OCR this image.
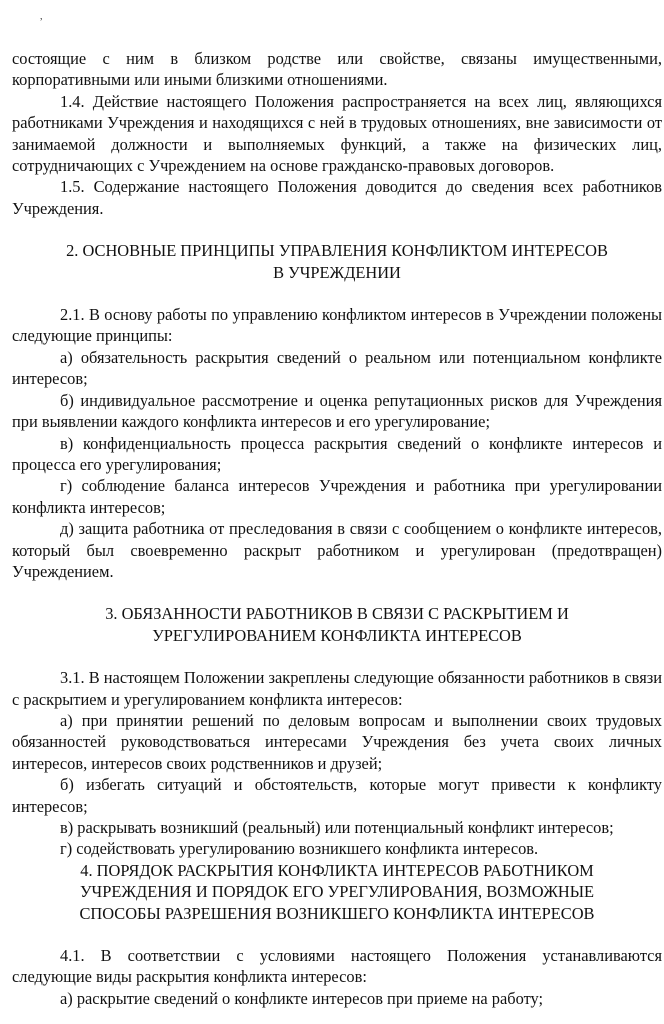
,

состоящие с ним в близком родстве или свойстве, связаны имущественными, корпоративными или иными близкими отношениями.

1.4. Действие настоящего Положения распространяется на всех лиц, являющихся работниками Учреждения и находящихся с ней в трудовых отношениях, вне зависимости от занимаемой должности и выполняемых функций, а также на физических лиц, сотрудничающих с Учреждением на основе гражданско-правовых договоров.

1.5. Содержание настоящего Положения доводится до сведения всех работников Учреждения.

2. ОСНОВНЫЕ ПРИНЦИПЫ УПРАВЛЕНИЯ КОНФЛИКТОМ ИНТЕРЕСОВ
В УЧРЕЖДЕНИИ

2.1. В основу работы по управлению конфликтом интересов в Учреждении положены следующие принципы:

а) обязательность раскрытия сведений о реальном или потенциальном конфликте интересов;

б) индивидуальное рассмотрение и оценка репутационных рисков для Учреждения при выявлении каждого конфликта интересов и его урегулирование;

в) конфиденциальность процесса раскрытия сведений о конфликте интересов и процесса его урегулирования;

г) соблюдение баланса интересов Учреждения и работника при урегулировании конфликта интересов;

д) защита работника от преследования в связи с сообщением о конфликте интересов, который был своевременно раскрыт работником и урегулирован (предотвращен) Учреждением.

3. ОБЯЗАННОСТИ РАБОТНИКОВ В СВЯЗИ С РАСКРЫТИЕМ И
УРЕГУЛИРОВАНИЕМ КОНФЛИКТА ИНТЕРЕСОВ

3.1. В настоящем Положении закреплены следующие обязанности работников в связи с раскрытием и урегулированием конфликта интересов:

а) при принятии решений по деловым вопросам и выполнении своих трудовых обязанностей руководствоваться интересами Учреждения без учета своих личных интересов, интересов своих родственников и друзей;

б) избегать ситуаций и обстоятельств, которые могут привести к конфликту интересов;

в) раскрывать возникший (реальный) или потенциальный конфликт интересов;

г) содействовать урегулированию возникшего конфликта интересов.

4. ПОРЯДОК РАСКРЫТИЯ КОНФЛИКТА ИНТЕРЕСОВ РАБОТНИКОМ
УЧРЕЖДЕНИЯ И ПОРЯДОК ЕГО УРЕГУЛИРОВАНИЯ, ВОЗМОЖНЫЕ
СПОСОБЫ РАЗРЕШЕНИЯ ВОЗНИКШЕГО КОНФЛИКТА ИНТЕРЕСОВ

4.1. В соответствии с условиями настоящего Положения устанавливаются следующие виды раскрытия конфликта интересов:

а) раскрытие сведений о конфликте интересов при приеме на работу;
